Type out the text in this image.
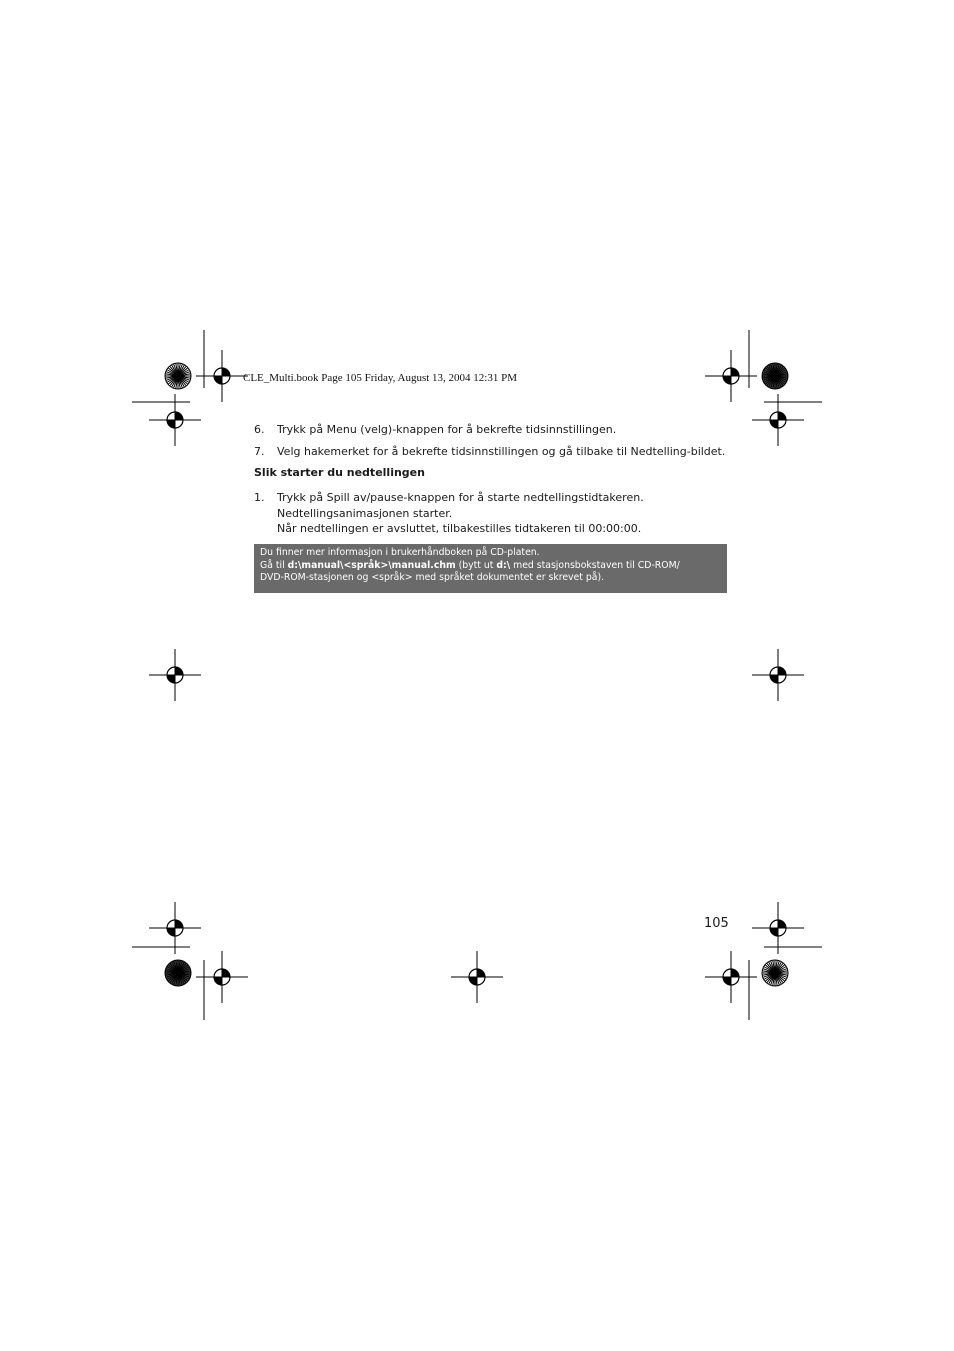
CLE_Multi.book Page 105 Friday, August 13, 2004 12:31 PM
6. Trykk på Menu (velg)-knappen for å bekrefte tidsinnstillingen.
7. Velg hakemerket for å bekrefte tidsinnstillingen og gå tilbake til Nedtelling-bildet.
Slik starter du nedtellingen
1. Trykk på Spill av/pause-knappen for å starte nedtellingstidtakeren.
Nedtellingsanimasjonen starter.
Når nedtellingen er avsluttet, tilbakestilles tidtakeren til 00:00:00.
Du finner mer informasjon i brukerhåndboken på CD-platen.
Gå til d:\manual\<språk>\manual.chm (bytt ut d:\ med stasjonsbokstaven til CD-ROM/
DVD-ROM-stasjonen og <språk> med språket dokumentet er skrevet på).
105
